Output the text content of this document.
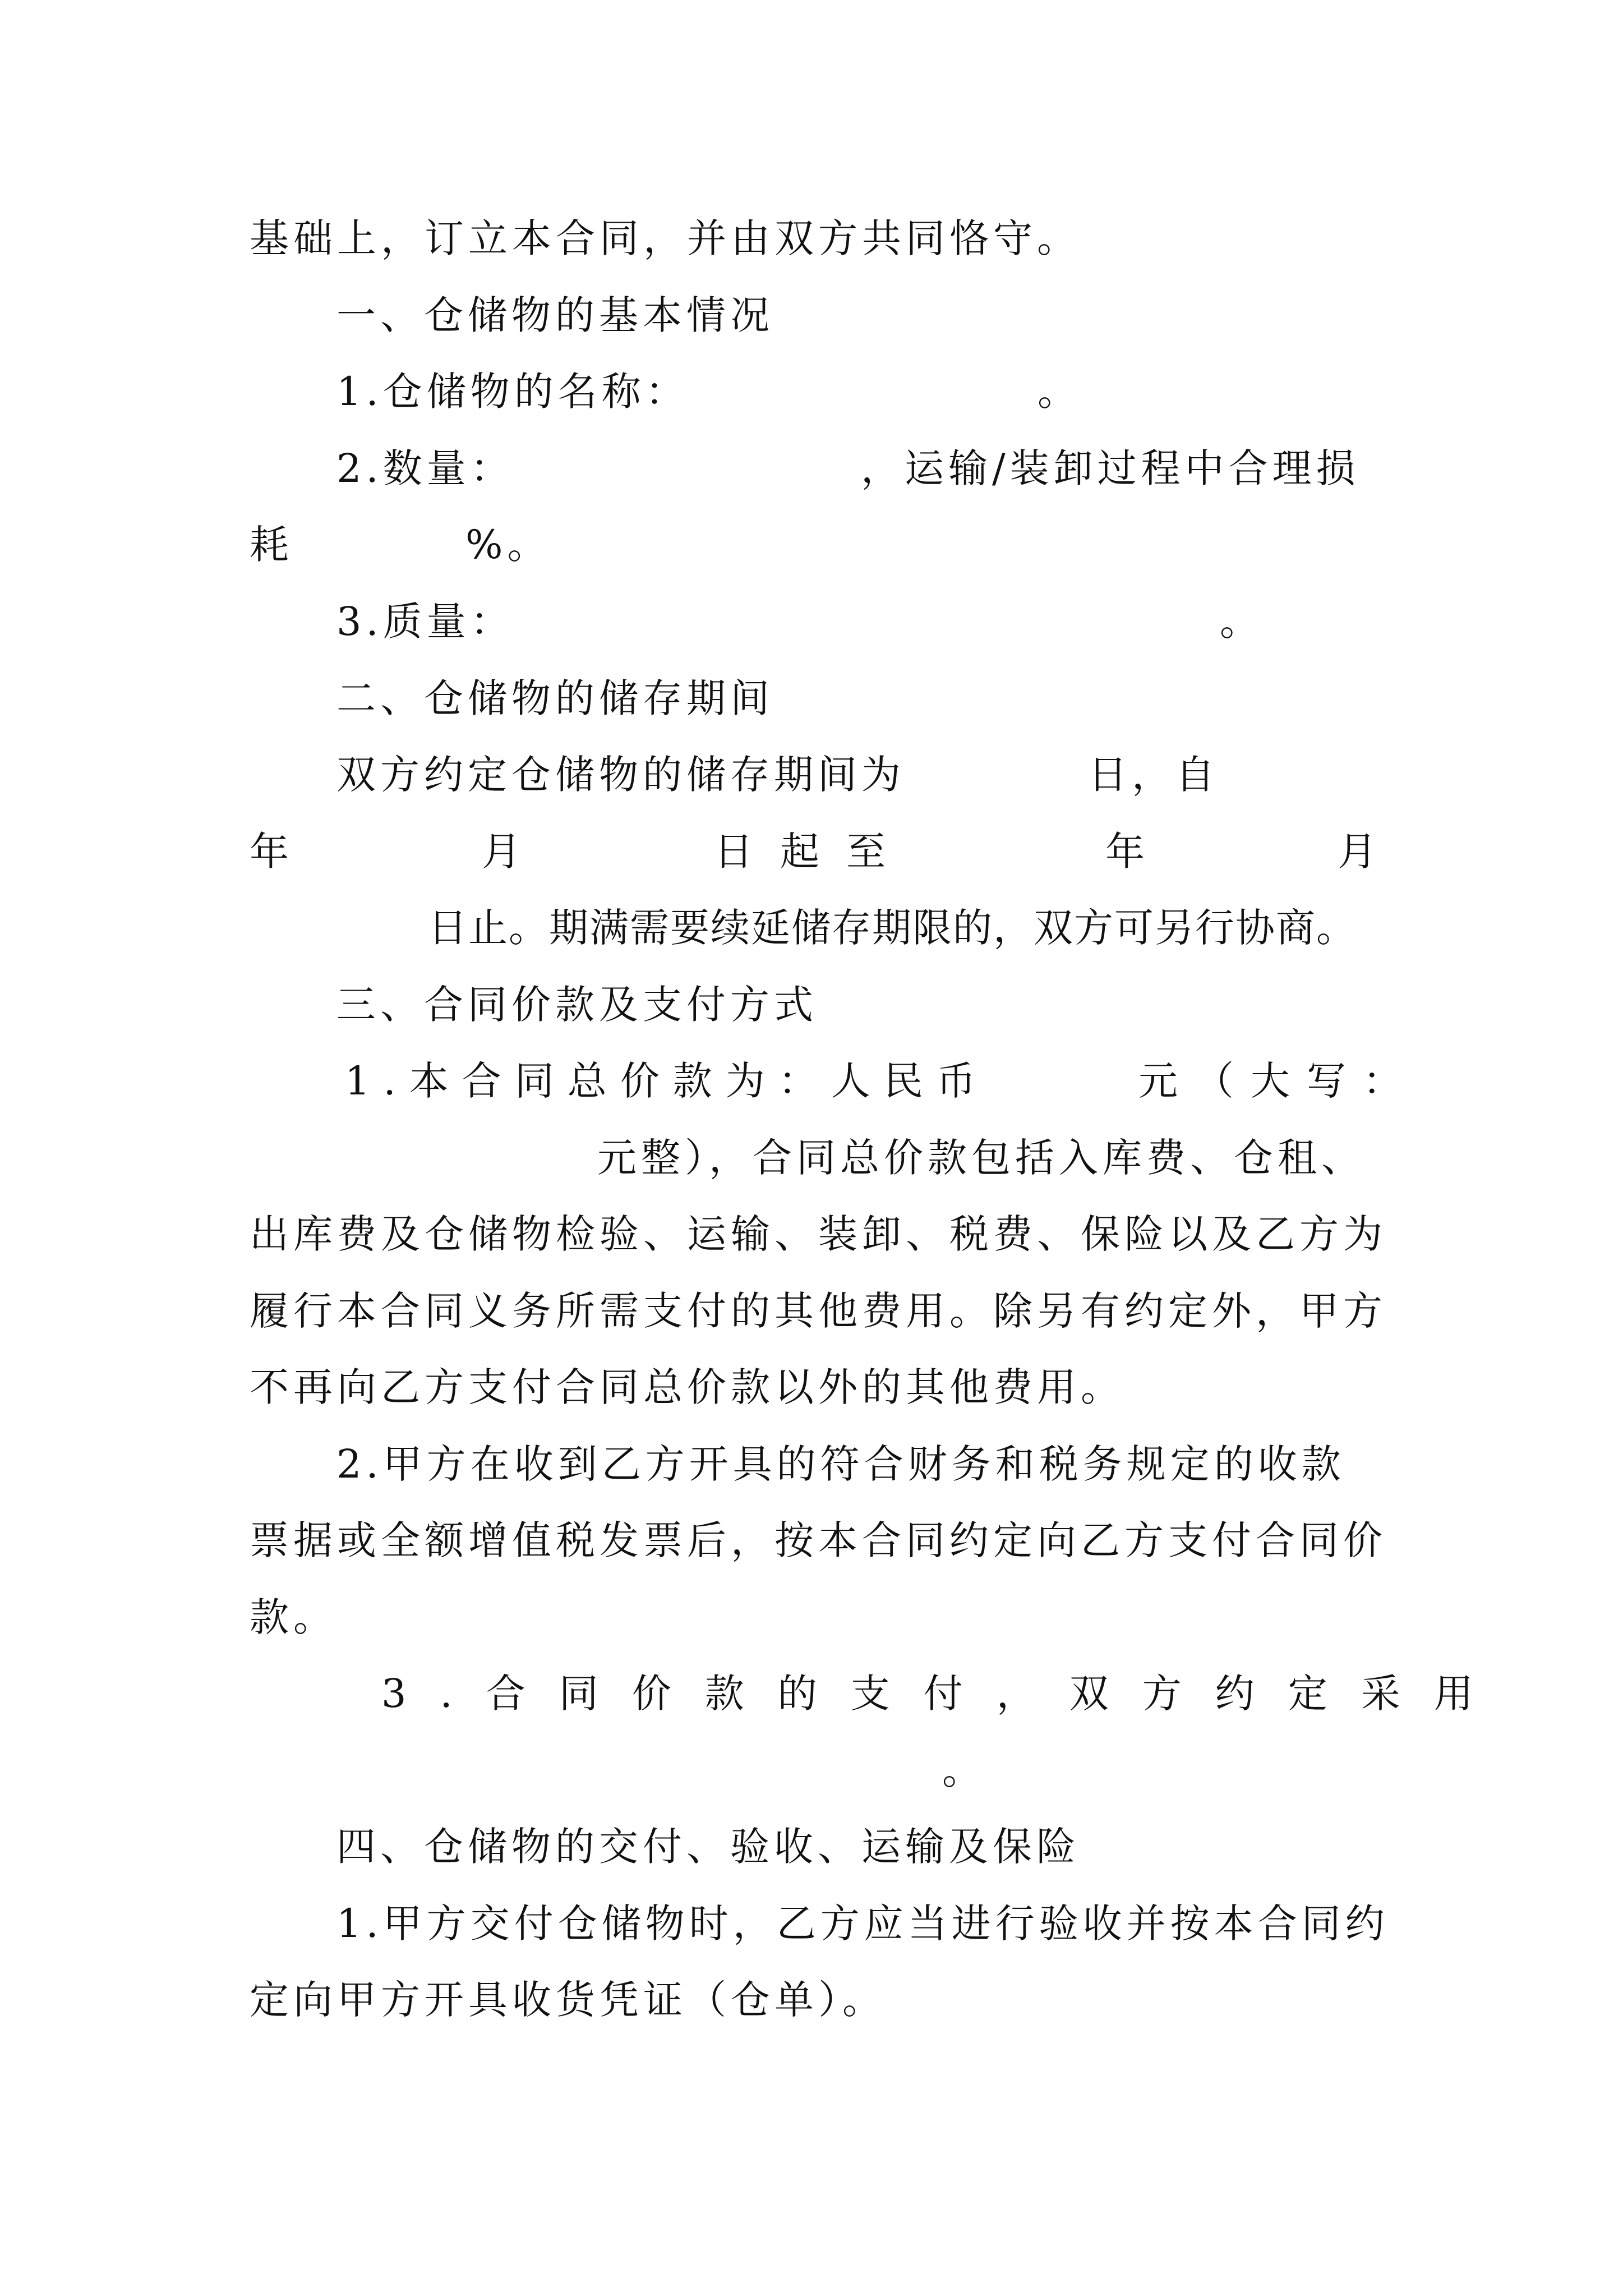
基础上，订立本合同，并由双方共同恪守。

一、仓储物的基本情况

1.仓储物的名称：	。
2.数量：	，运输/装卸过程中合理损
耗	%。
3.质量：	。

二、仓储物的储存期间

双方约定仓储物的储存期间为	日，自
年	月	日起至	年	月
日止。期满需要续延储存期限的，双方可另行协商。

三、合同价款及支付方式

1.本合同总价款为：人民币	元（大写：
元整），合同总价款包括入库费、仓租、

出库费及仓储物检验、运输、装卸、税费、保险以及乙方为

履行本合同义务所需支付的其他费用。除另有约定外，甲方

不再向乙方支付合同总价款以外的其他费用。

2.甲方在收到乙方开具的符合财务和税务规定的收款

票据或全额增值税发票后，按本合同约定向乙方支付合同价

款。

3.合同价款的支付，双方约定采用
。

四、仓储物的交付、验收、运输及保险

1.甲方交付仓储物时，乙方应当进行验收并按本合同约

定向甲方开具收货凭证（仓单）。
